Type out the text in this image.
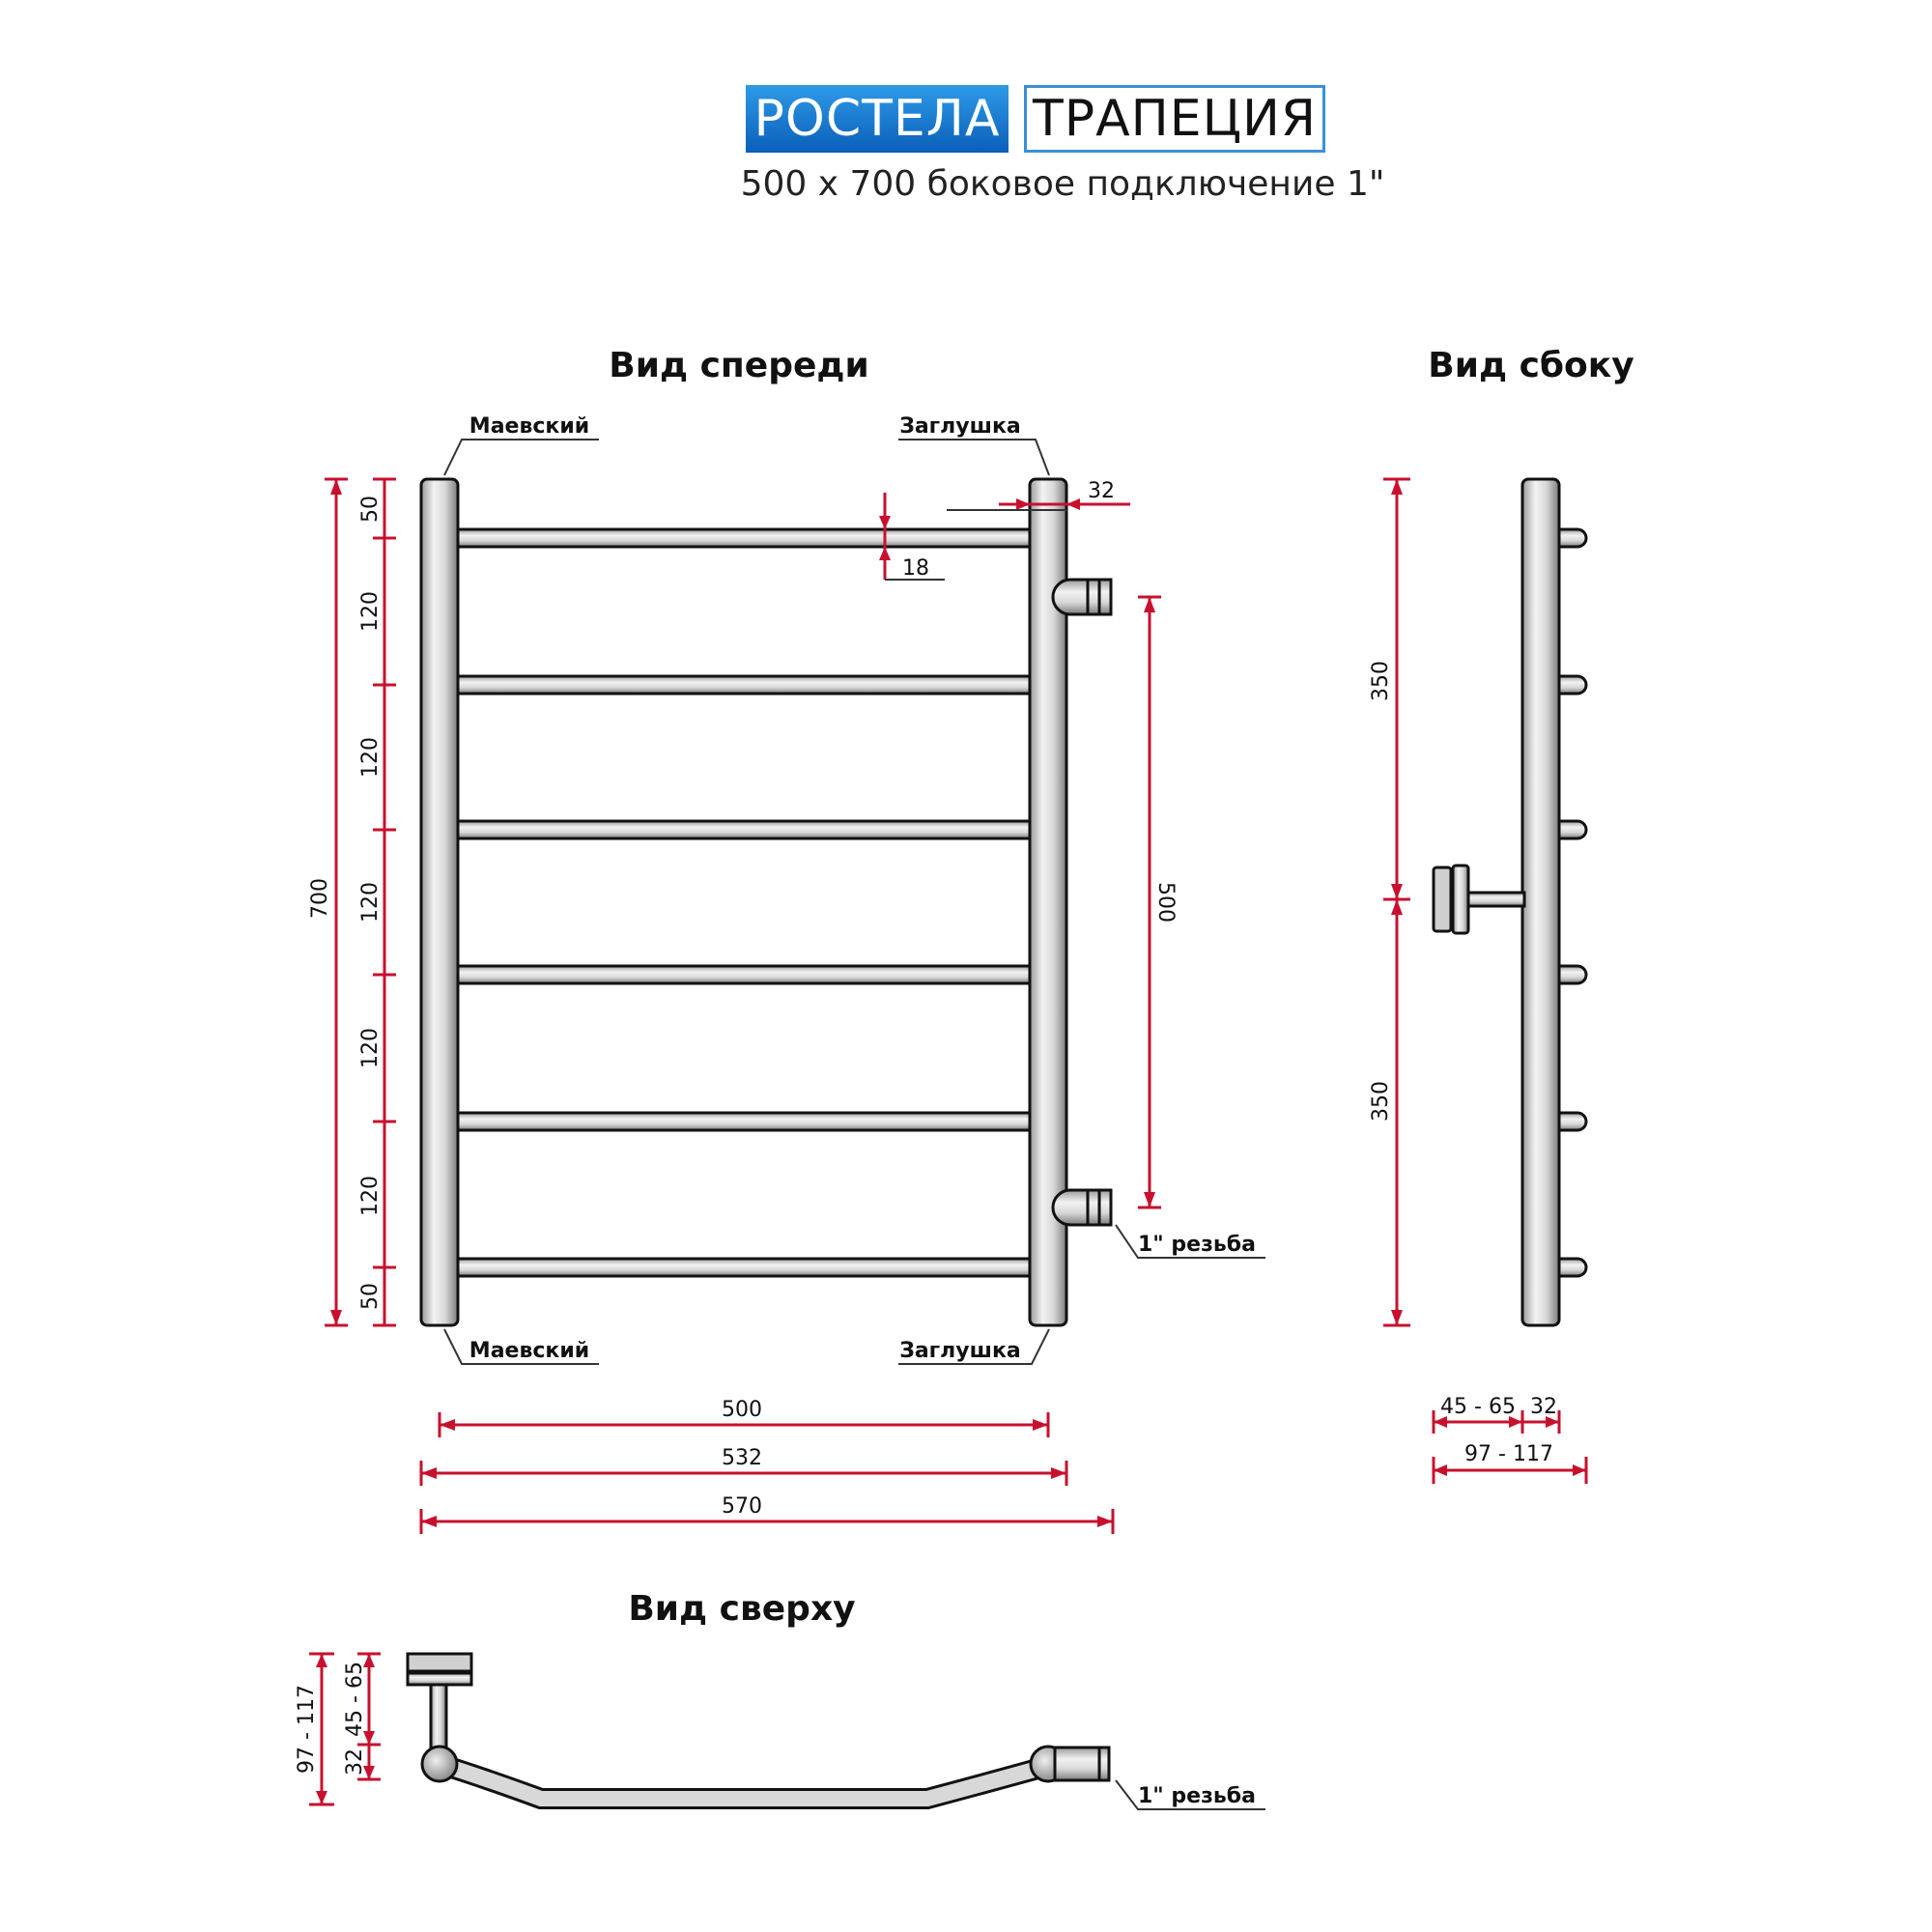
РОСТЕЛА ТРАПЕЦИЯ
500 x 700 боковое подключение 1"
Вид спереди
Маевский	Заглушка
Маевский	Заглушка
1" резьба
700
50
120
120
120
120
120
50
500
32
18
500
532
570
Вид сбоку
350
350
45 - 65 32
97 - 117
Вид сверху
1" резьба
97 - 117 45 - 65
32
